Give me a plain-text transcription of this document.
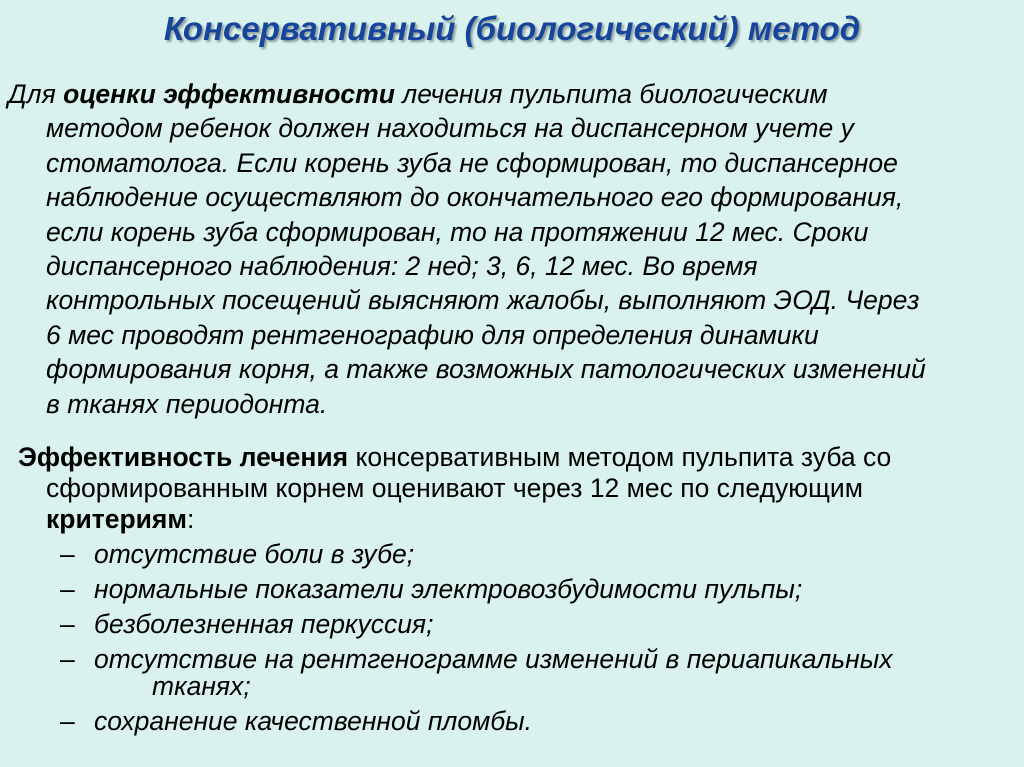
Консервативный (биологический) метод
Для оценки эффективности лечения пульпита биологическим
методом ребенок должен находиться на диспансерном учете у
стоматолога. Если корень зуба не сформирован, то диспансерное
наблюдение осуществляют до окончательного его формирования,
если корень зуба сформирован, то на протяжении 12 мес. Сроки
диспансерного наблюдения: 2 нед; 3, 6, 12 мес. Во время
контрольных посещений выясняют жалобы, выполняют ЭОД. Через
6 мес проводят рентгенографию для определения динамики
формирования корня, а также возможных патологических изменений
в тканях периодонта.
Эффективность лечения консервативным методом пульпита зуба со
сформированным корнем оценивают через 12 мес по следующим
критериям:
– отсутствие боли в зубе;
– нормальные показатели электровозбудимости пульпы;
– безболезненная перкуссия;
– отсутствие на рентгенограмме изменений в периапикальных
тканях;
– сохранение качественной пломбы.
